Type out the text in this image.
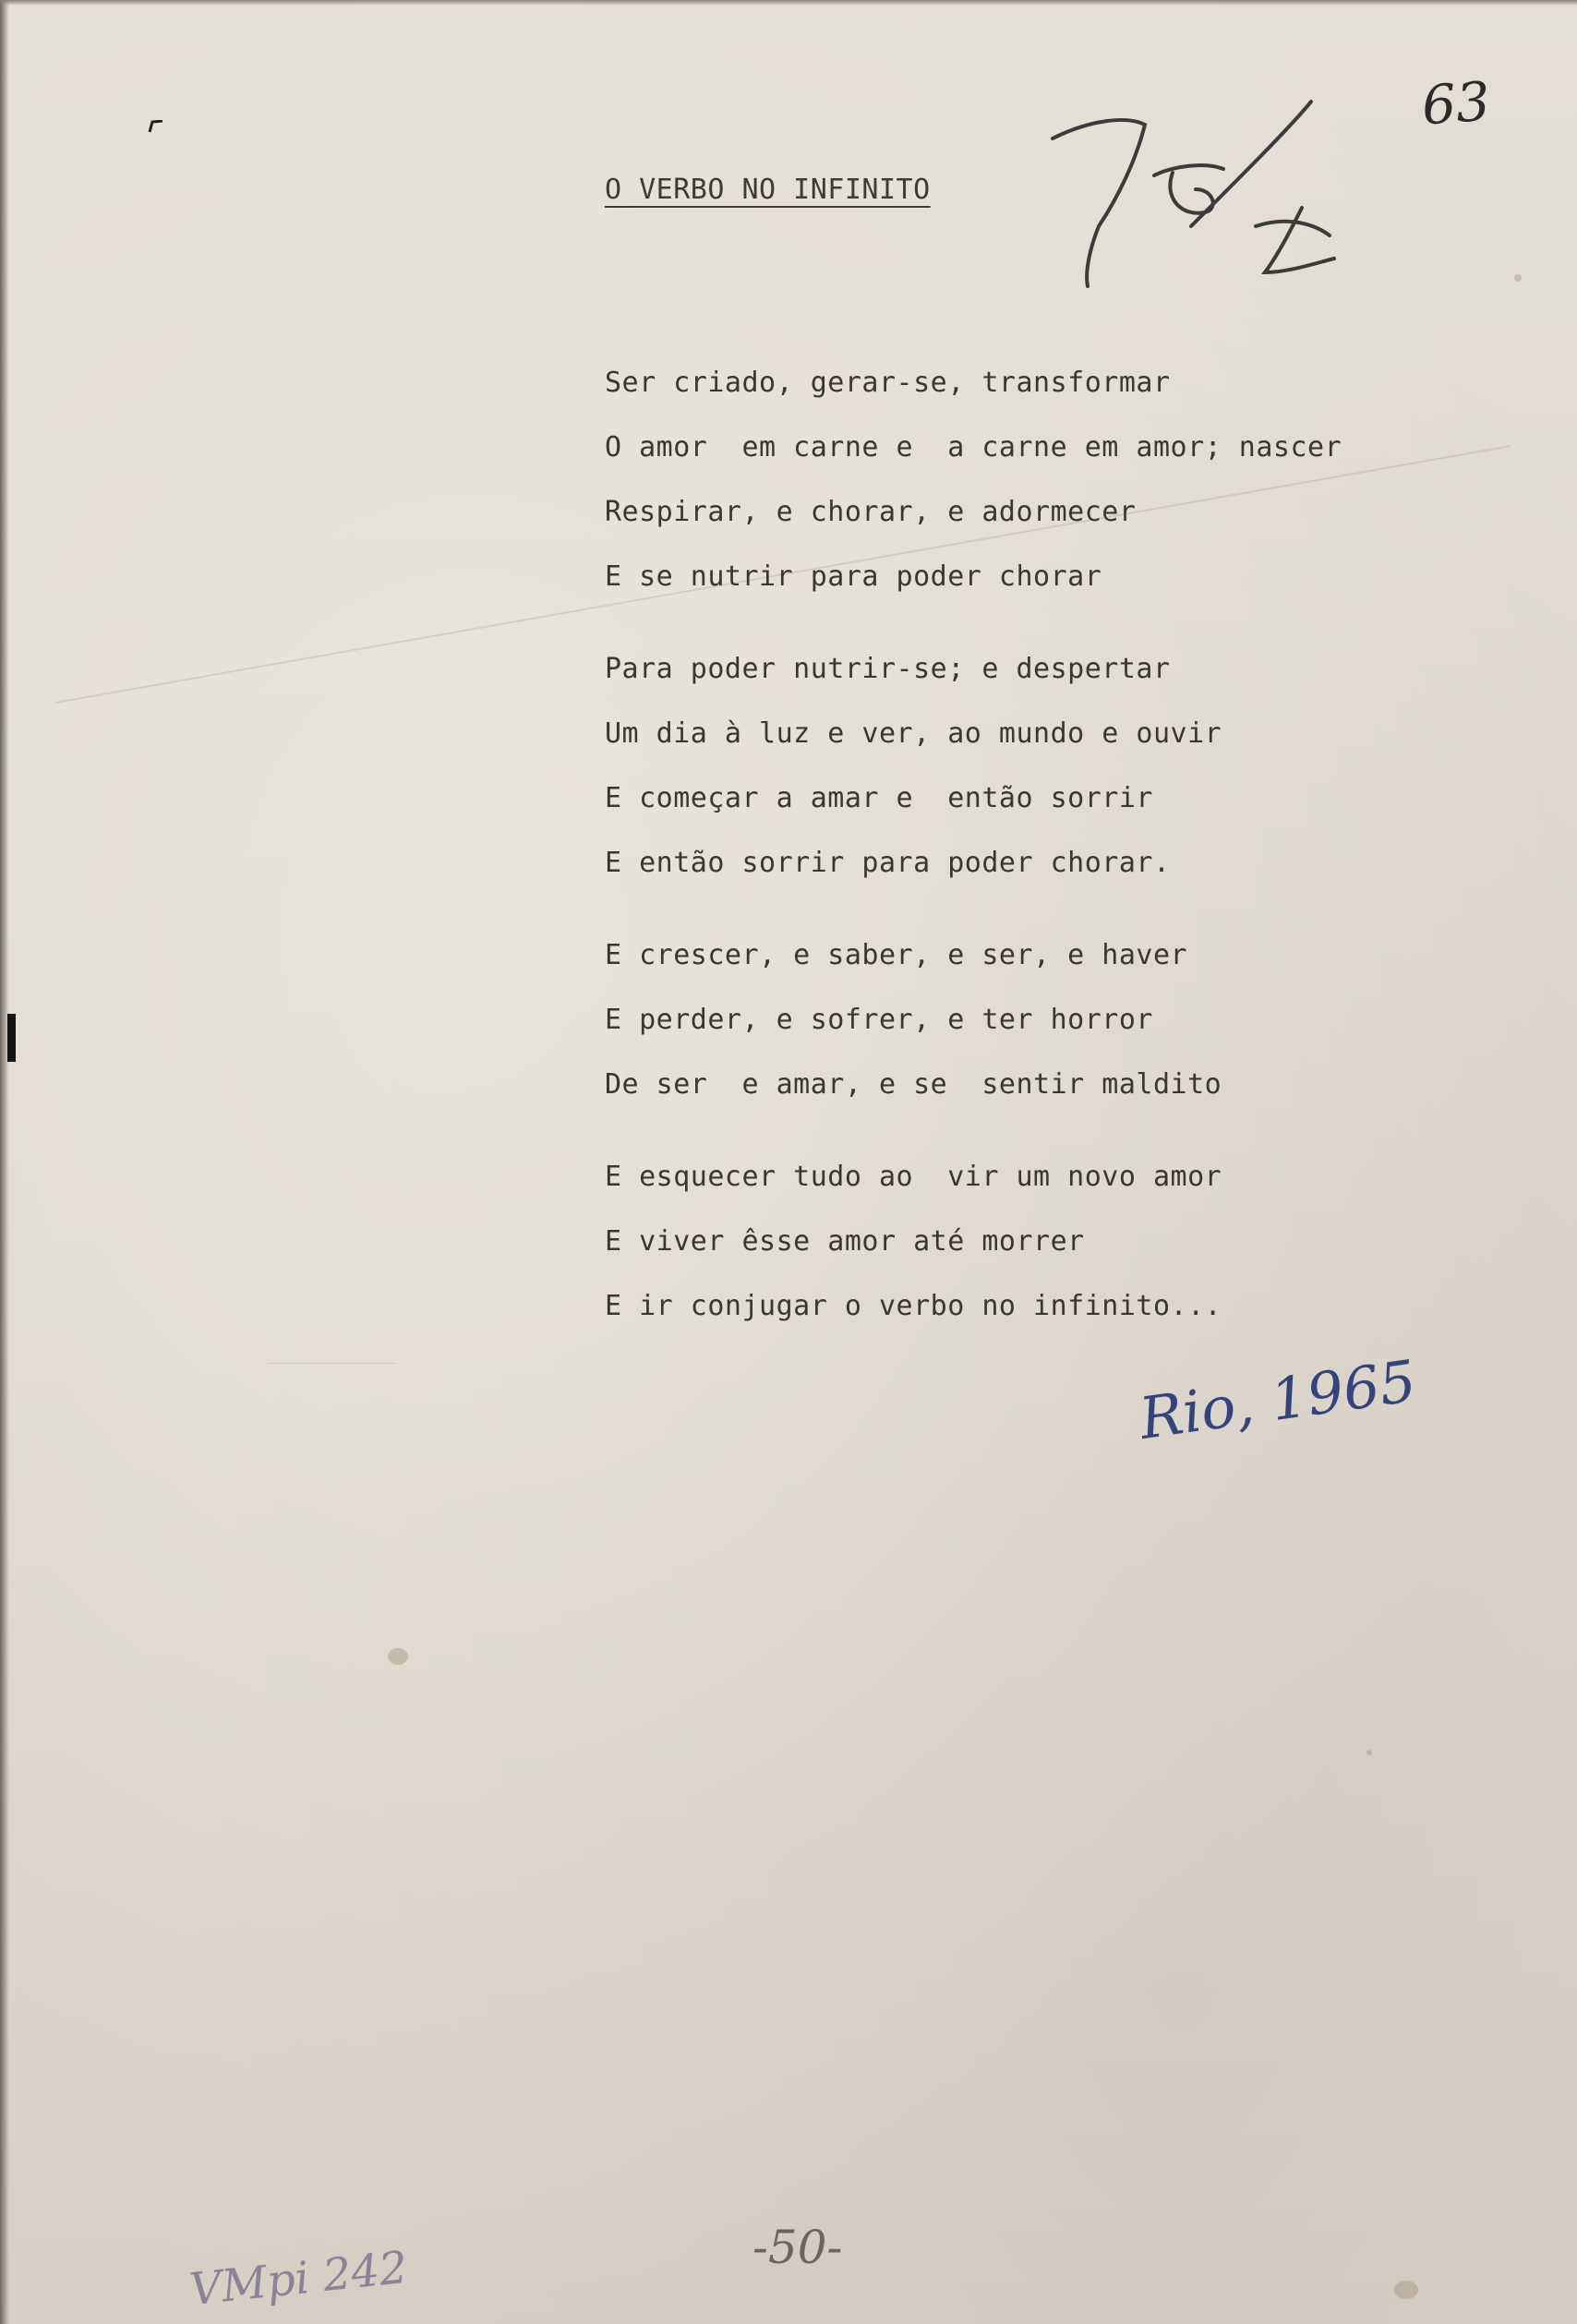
O VERBO NO INFINITO
Ser criado, gerar-se, transformar
O amor  em carne e  a carne em amor; nascer
Respirar, e chorar, e adormecer
E se nutrir para poder chorar
Para poder nutrir-se; e despertar
Um dia à luz e ver, ao mundo e ouvir
E começar a amar e  então sorrir
E então sorrir para poder chorar.
E crescer, e saber, e ser, e haver
E perder, e sofrer, e ter horror
De ser  e amar, e se  sentir maldito
E esquecer tudo ao  vir um novo amor
E viver êsse amor até morrer
E ir conjugar o verbo no infinito...
63
Rio, 1965
-50-
VMpi 242
